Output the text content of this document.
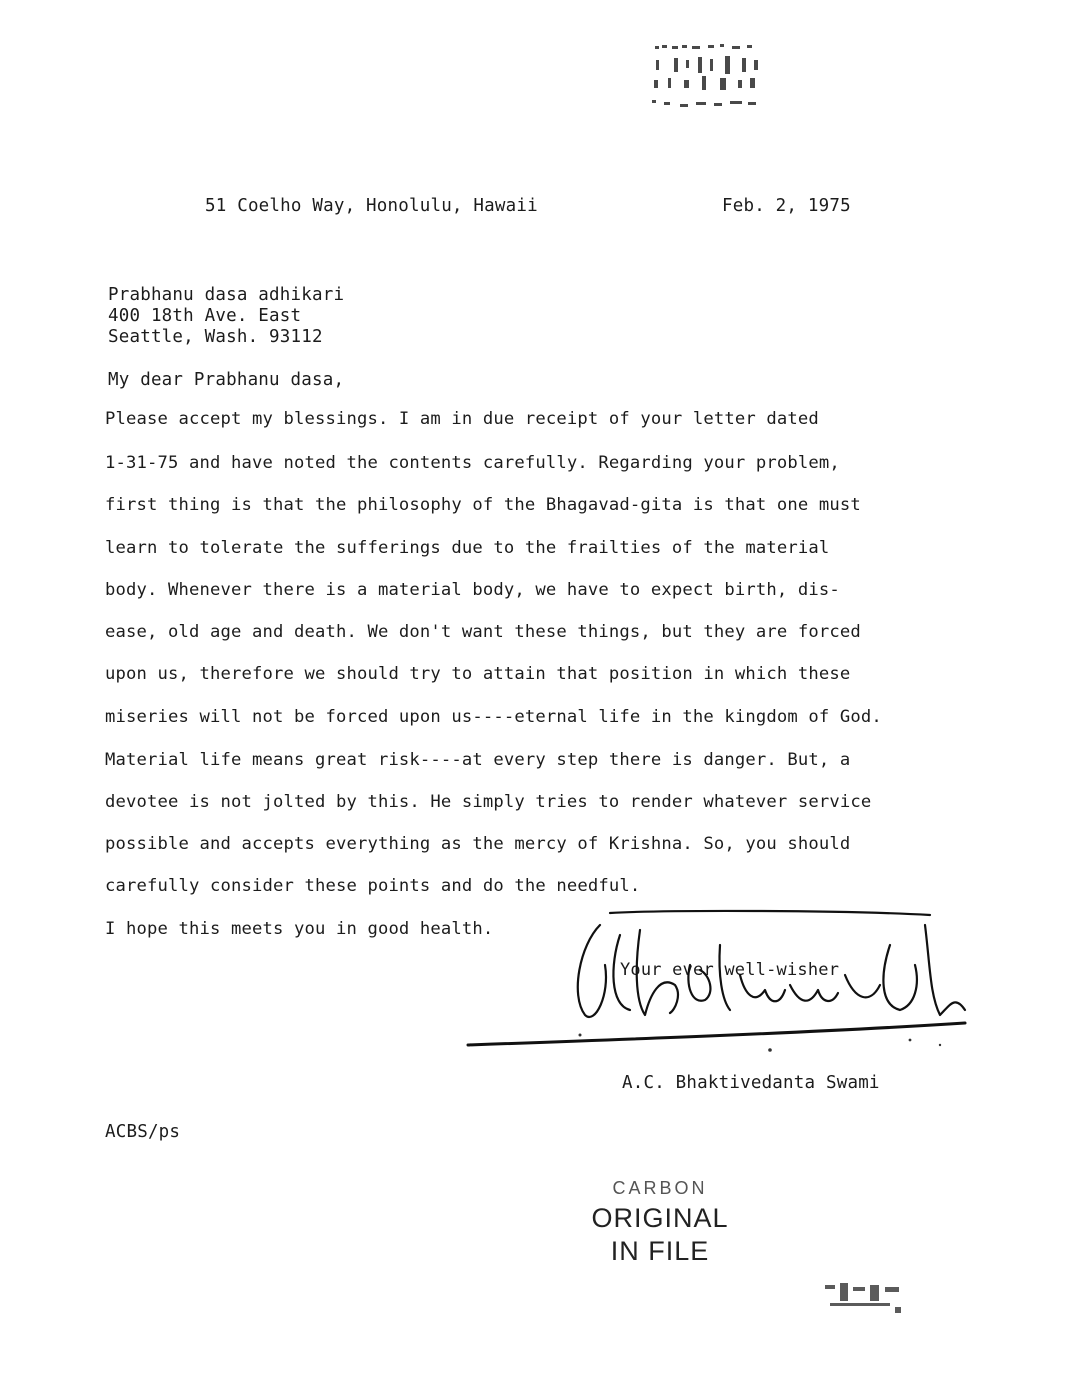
51 Coelho Way, Honolulu, Hawaii	Feb. 2, 1975
Prabhanu dasa adhikari
400 18th Ave. East
Seattle, Wash. 93112
My dear Prabhanu dasa,
Please accept my blessings. I am in due receipt of your letter dated
1-31-75 and have noted the contents carefully. Regarding your problem,
first thing is that the philosophy of the Bhagavad-gita is that one must
learn to tolerate the sufferings due to the frailties of the material
body. Whenever there is a material body, we have to expect birth, dis-
ease, old age and death. We don't want these things, but they are forced
upon us, therefore we should try to attain that position in which these
miseries will not be forced upon us----eternal life in the kingdom of God.
Material life means great risk----at every step there is danger. But, a
devotee is not jolted by this. He simply tries to render whatever service
possible and accepts everything as the mercy of Krishna. So, you should
carefully consider these points and do the needful.
I hope this meets you in good health.
Your ever well-wisher
A.C. Bhaktivedanta Swami
ACBS/ps
CARBON
ORIGINAL
IN FILE
